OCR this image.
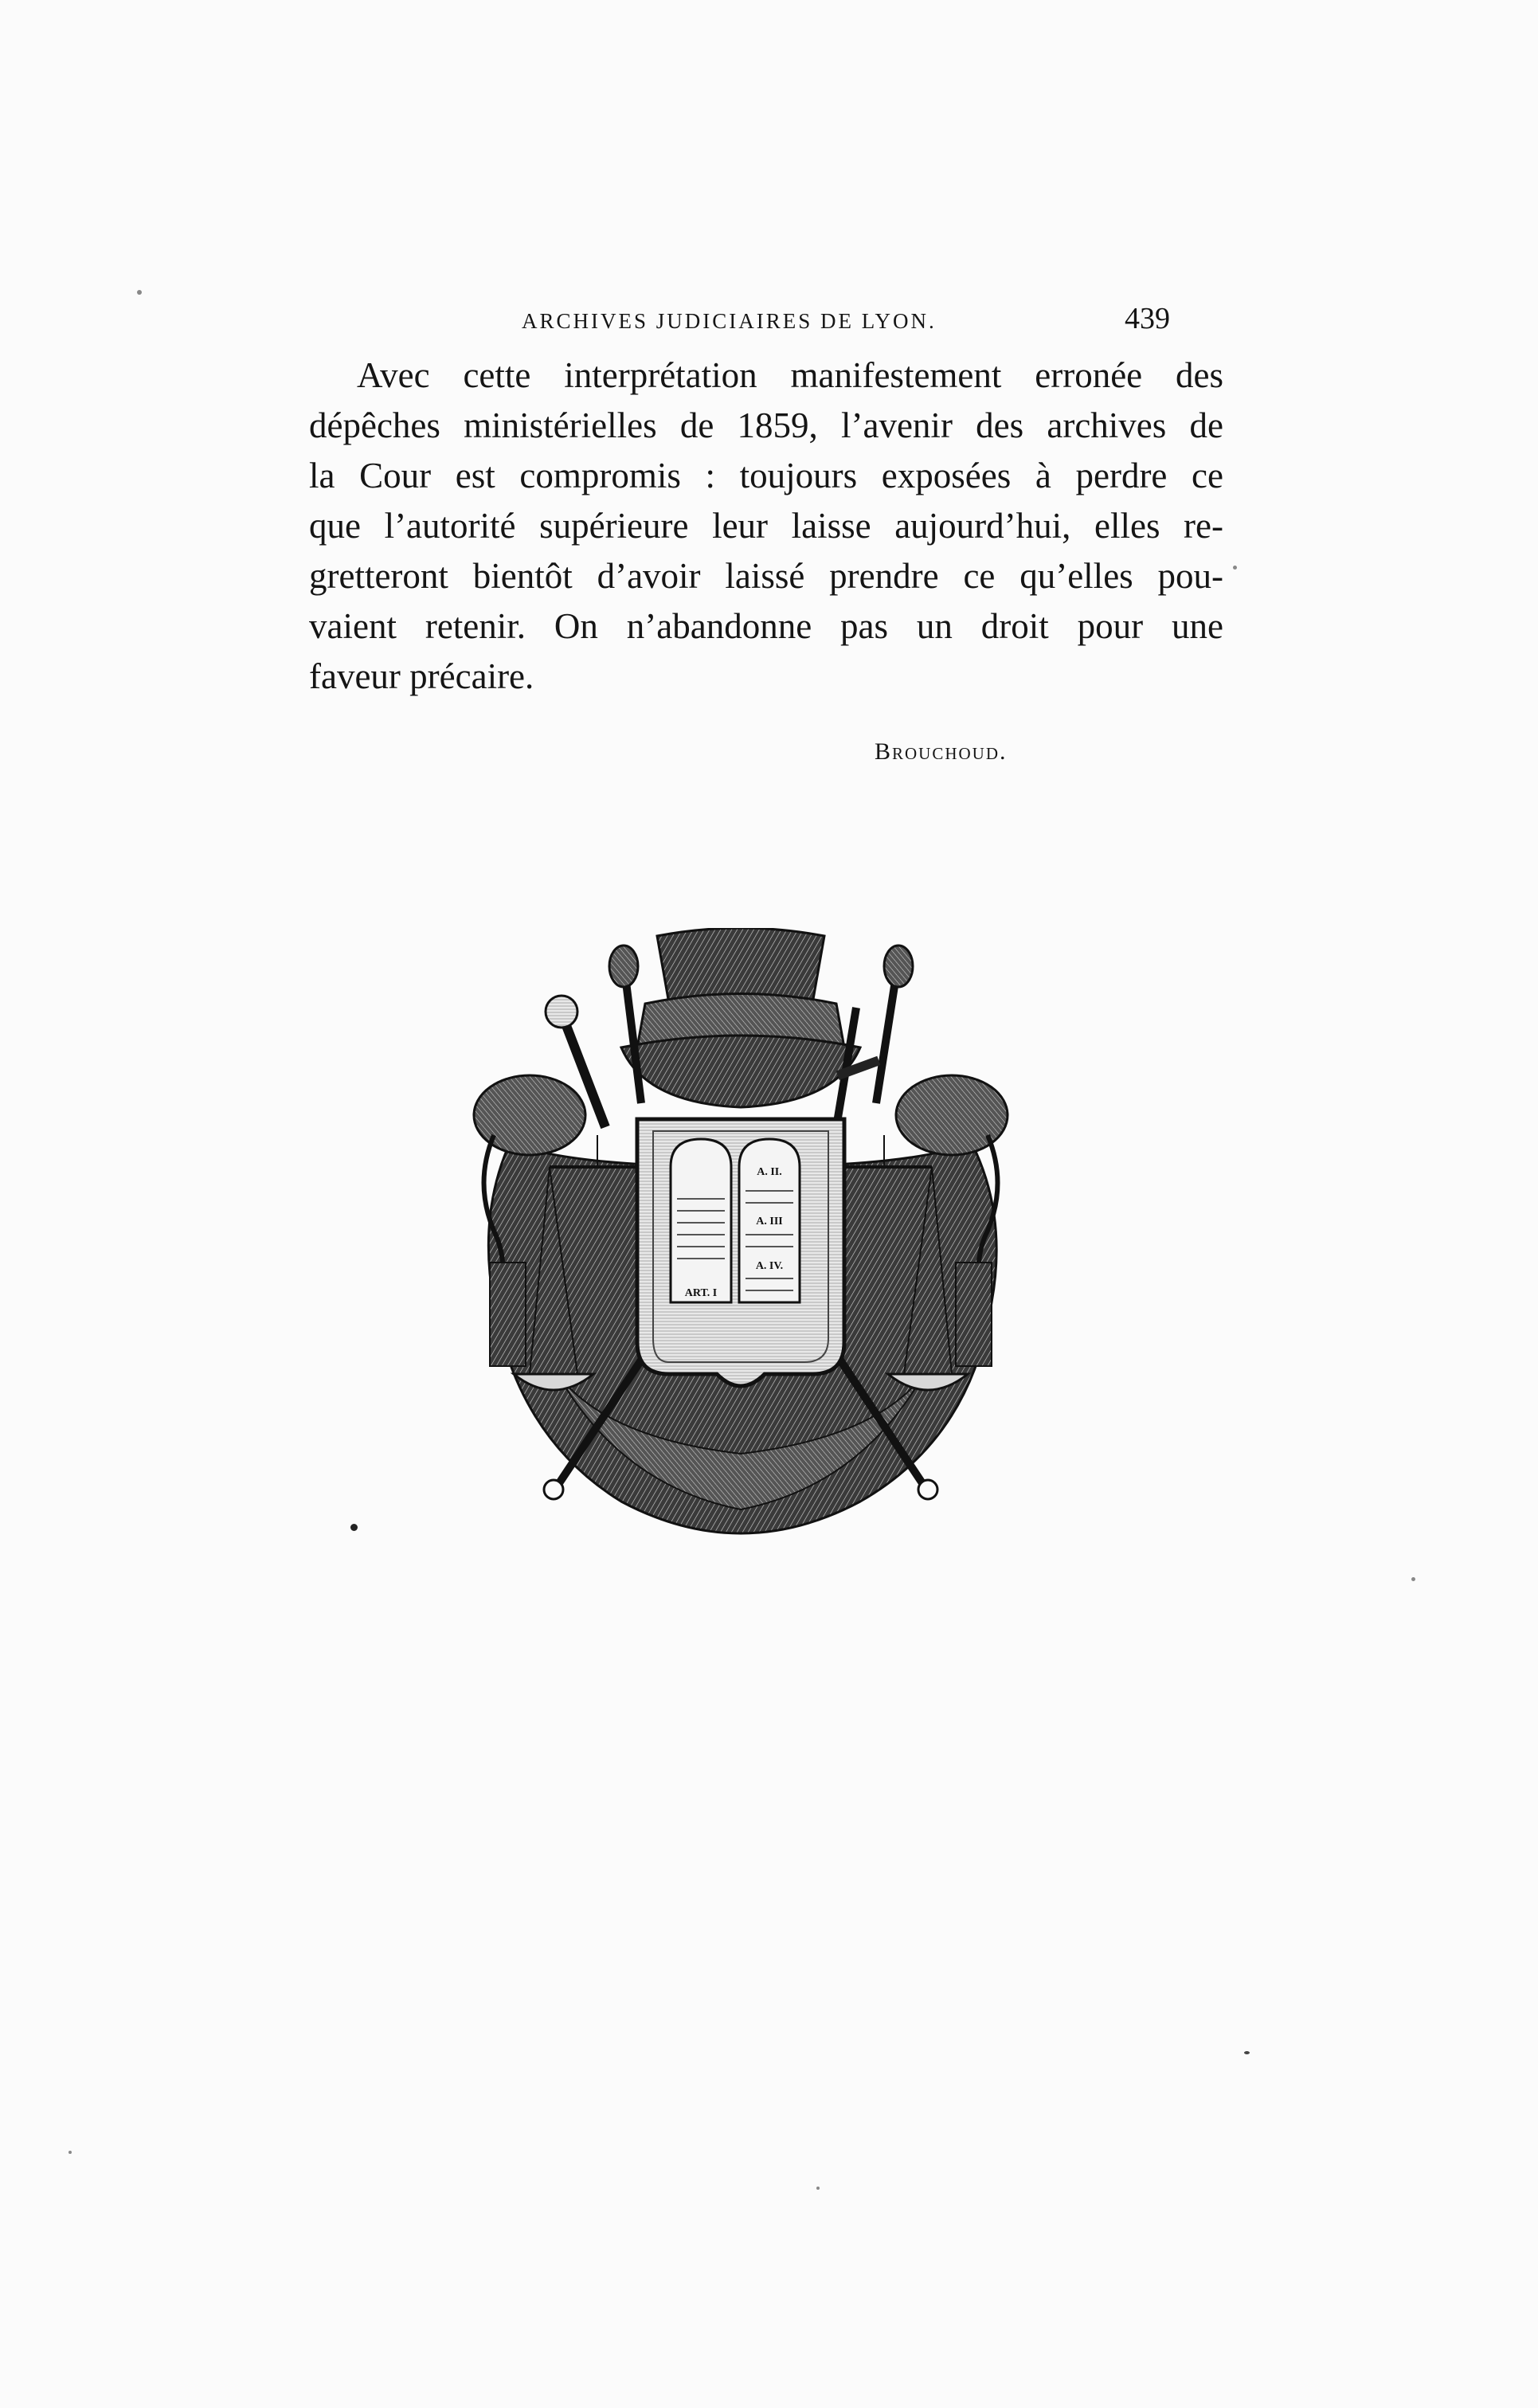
ARCHIVES JUDICIAIRES DE LYON.	439
Avec cette interprétation manifestement erronée des
dépêches ministérielles de 1859, l’avenir des archives de
la Cour est compromis : toujours exposées à perdre ce
que l’autorité supérieure leur laisse aujourd’hui, elles re-
gretteront bientôt d’avoir laissé prendre ce qu’elles pou-
vaient retenir. On n’abandonne pas un droit pour une
faveur précaire.
Brouchoud.
ART. I
A. II.
A. III
A. IV.
